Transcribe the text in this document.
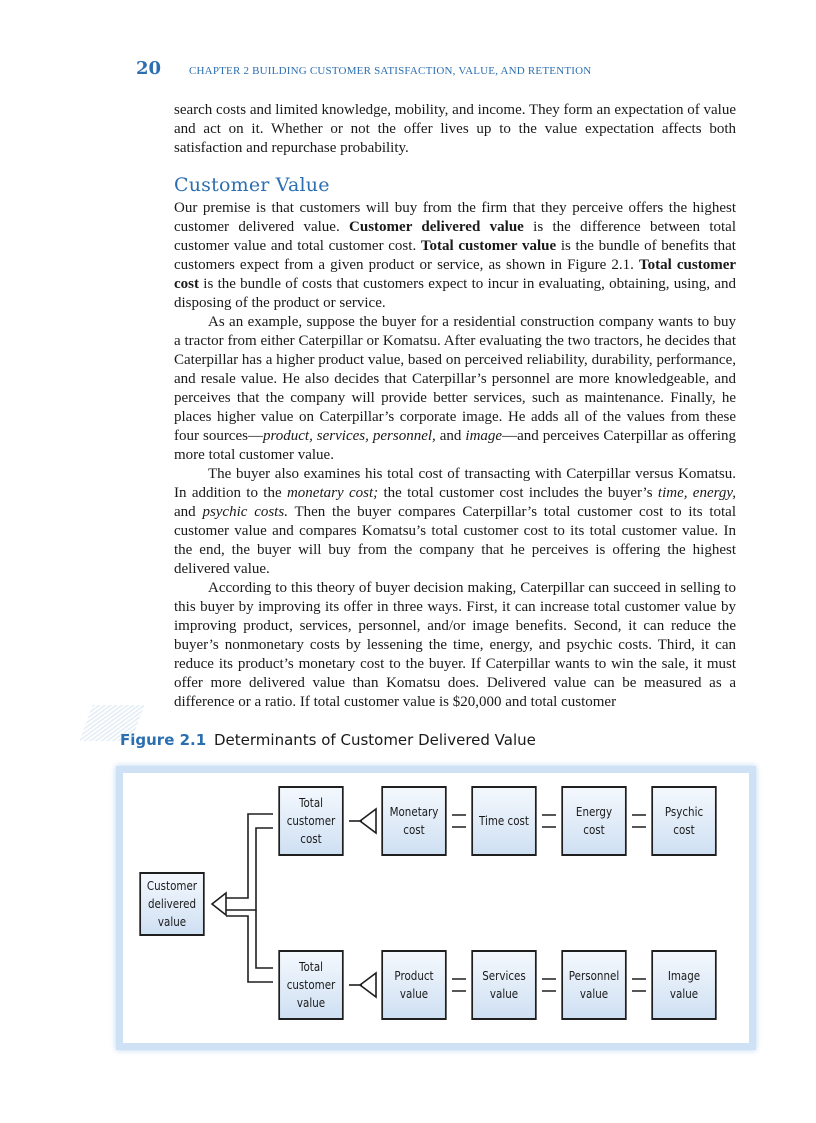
20	CHAPTER 2 BUILDING CUSTOMER SATISFACTION, VALUE, AND RETENTION

search costs and limited knowledge, mobility, and income. They form an expectation of value and act on it. Whether or not the offer lives up to the value expectation affects both satisfaction and repurchase probability.

Customer Value

Our premise is that customers will buy from the firm that they perceive offers the highest customer delivered value. Customer delivered value is the difference between total customer value and total customer cost. Total customer value is the bundle of benefits that customers expect from a given product or service, as shown in Figure 2.1. Total customer cost is the bundle of costs that customers expect to incur in evaluating, obtaining, using, and disposing of the product or service.

As an example, suppose the buyer for a residential construction company wants to buy a tractor from either Caterpillar or Komatsu. After evaluating the two tractors, he decides that Caterpillar has a higher product value, based on perceived reliability, durability, performance, and resale value. He also decides that Caterpillar’s personnel are more knowledgeable, and perceives that the company will provide better services, such as maintenance. Finally, he places higher value on Caterpillar’s corporate image. He adds all of the values from these four sources—product, services, personnel, and image—and perceives Caterpillar as offering more total customer value.

The buyer also examines his total cost of transacting with Caterpillar versus Komatsu. In addition to the monetary cost; the total customer cost includes the buyer’s time, energy, and psychic costs. Then the buyer compares Caterpillar’s total customer cost to its total customer value and compares Komatsu’s total customer cost to its total customer value. In the end, the buyer will buy from the company that he perceives is offering the highest delivered value.

According to this theory of buyer decision making, Caterpillar can succeed in selling to this buyer by improving its offer in three ways. First, it can increase total customer value by improving product, services, personnel, and/or image benefits. Second, it can reduce the buyer’s nonmonetary costs by lessening the time, energy, and psychic costs. Third, it can reduce its product’s monetary cost to the buyer. If Caterpillar wants to win the sale, it must offer more delivered value than Komatsu does. Delivered value can be measured as a difference or a ratio. If total customer value is $20,000 and total customer

Figure 2.1 Determinants of Customer Delivered Value
Customer delivered value
Total customer cost
Total customer value
Monetary cost
Time cost
Energy cost
Psychic cost
Product value
Services value
Personnel value
Image value
